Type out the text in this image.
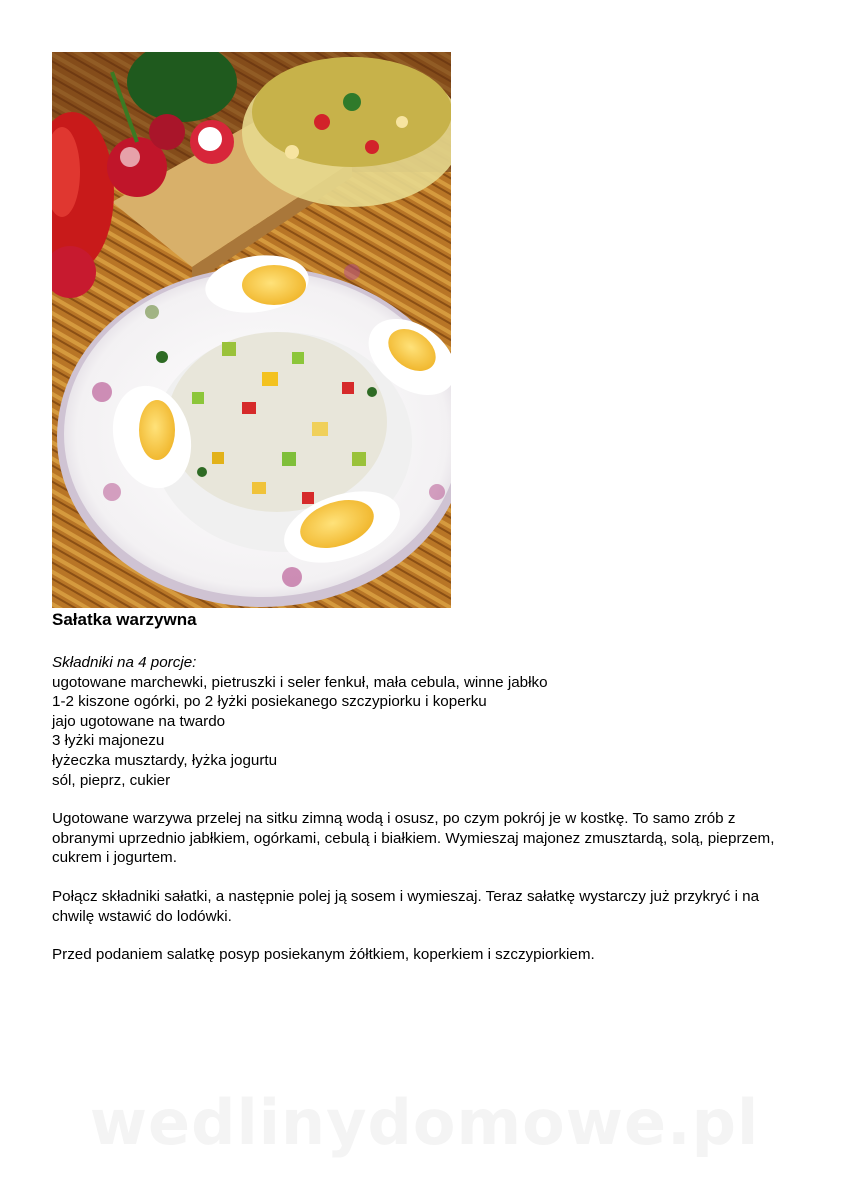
Sałatka warzywna

Składniki na 4 porcje:

ugotowane marchewki, pietruszki i seler fenkuł, mała cebula, winne jabłko
1-2 kiszone ogórki, po 2 łyżki posiekanego szczypiorku i koperku
jajo ugotowane na twardo
3 łyżki majonezu
łyżeczka musztardy, łyżka jogurtu
sól, pieprz, cukier

Ugotowane warzywa przelej na sitku zimną wodą i osusz, po czym pokrój je w kostkę. To samo zrób z obranymi uprzednio jabłkiem, ogórkami, cebulą i białkiem. Wymieszaj majonez zmusztardą, solą, pieprzem, cukrem i jogurtem.

Połącz składniki sałatki, a następnie polej ją sosem i wymieszaj. Teraz sałatkę wystarczy już przykryć i na chwilę wstawić do lodówki.

Przed podaniem salatkę posyp posiekanym żółtkiem, koperkiem i szczypiorkiem.

wedlinydomowe.pl
